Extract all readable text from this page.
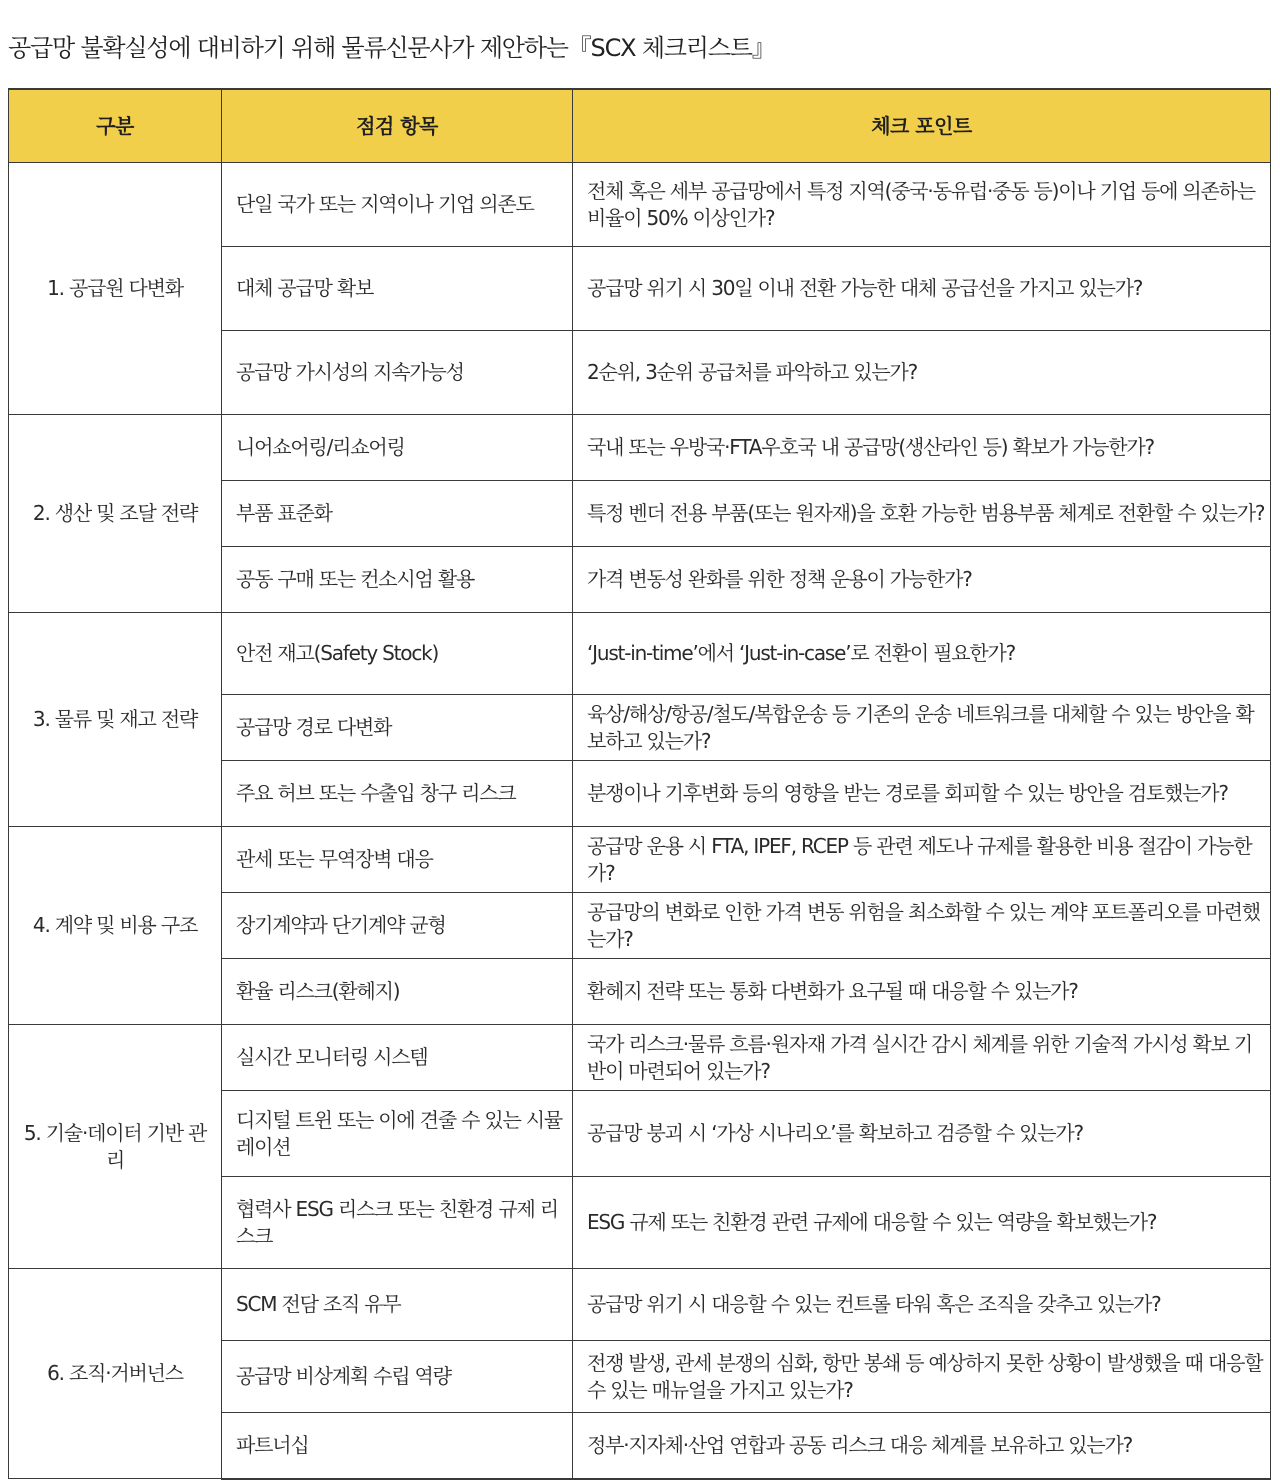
공급망 불확실성에 대비하기 위해 물류신문사가 제안하는『SCX 체크리스트』
구분	점검 항목	체크 포인트
1. 공급원 다변화	단일 국가 또는 지역이나 기업 의존도	전체 혹은 세부 공급망에서 특정 지역(중국·동유럽·중동 등)이나 기업 등에 의존하는 비율이 50% 이상인가?
	대체 공급망 확보	공급망 위기 시 30일 이내 전환 가능한 대체 공급선을 가지고 있는가?
	공급망 가시성의 지속가능성	2순위, 3순위 공급처를 파악하고 있는가?
2. 생산 및 조달 전략	니어쇼어링/리쇼어링	국내 또는 우방국·FTA우호국 내 공급망(생산라인 등) 확보가 가능한가?
	부품 표준화	특정 벤더 전용 부품(또는 원자재)을 호환 가능한 범용부품 체계로 전환할 수 있는가?
	공동 구매 또는 컨소시엄 활용	가격 변동성 완화를 위한 정책 운용이 가능한가?
3. 물류 및 재고 전략	안전 재고(Safety Stock)	‘Just-in-time’에서 ‘Just-in-case’로 전환이 필요한가?
	공급망 경로 다변화	육상/해상/항공/철도/복합운송 등 기존의 운송 네트워크를 대체할 수 있는 방안을 확보하고 있는가?
	주요 허브 또는 수출입 창구 리스크	분쟁이나 기후변화 등의 영향을 받는 경로를 회피할 수 있는 방안을 검토했는가?
4. 계약 및 비용 구조	관세 또는 무역장벽 대응	공급망 운용 시 FTA, IPEF, RCEP 등 관련 제도나 규제를 활용한 비용 절감이 가능한가?
	장기계약과 단기계약 균형	공급망의 변화로 인한 가격 변동 위험을 최소화할 수 있는 계약 포트폴리오를 마련했는가?
	환율 리스크(환헤지)	환헤지 전략 또는 통화 다변화가 요구될 때 대응할 수 있는가?
5. 기술·데이터 기반 관리	실시간 모니터링 시스템	국가 리스크·물류 흐름·원자재 가격 실시간 감시 체계를 위한 기술적 가시성 확보 기반이 마련되어 있는가?
	디지털 트윈 또는 이에 견줄 수 있는 시뮬레이션	공급망 붕괴 시 ‘가상 시나리오’를 확보하고 검증할 수 있는가?
	협력사 ESG 리스크 또는 친환경 규제 리스크	ESG 규제 또는 친환경 관련 규제에 대응할 수 있는 역량을 확보했는가?
6. 조직·거버넌스	SCM 전담 조직 유무	공급망 위기 시 대응할 수 있는 컨트롤 타워 혹은 조직을 갖추고 있는가?
	공급망 비상계획 수립 역량	전쟁 발생, 관세 분쟁의 심화, 항만 봉쇄 등 예상하지 못한 상황이 발생했을 때 대응할 수 있는 매뉴얼을 가지고 있는가?
	파트너십	정부·지자체·산업 연합과 공동 리스크 대응 체계를 보유하고 있는가?
